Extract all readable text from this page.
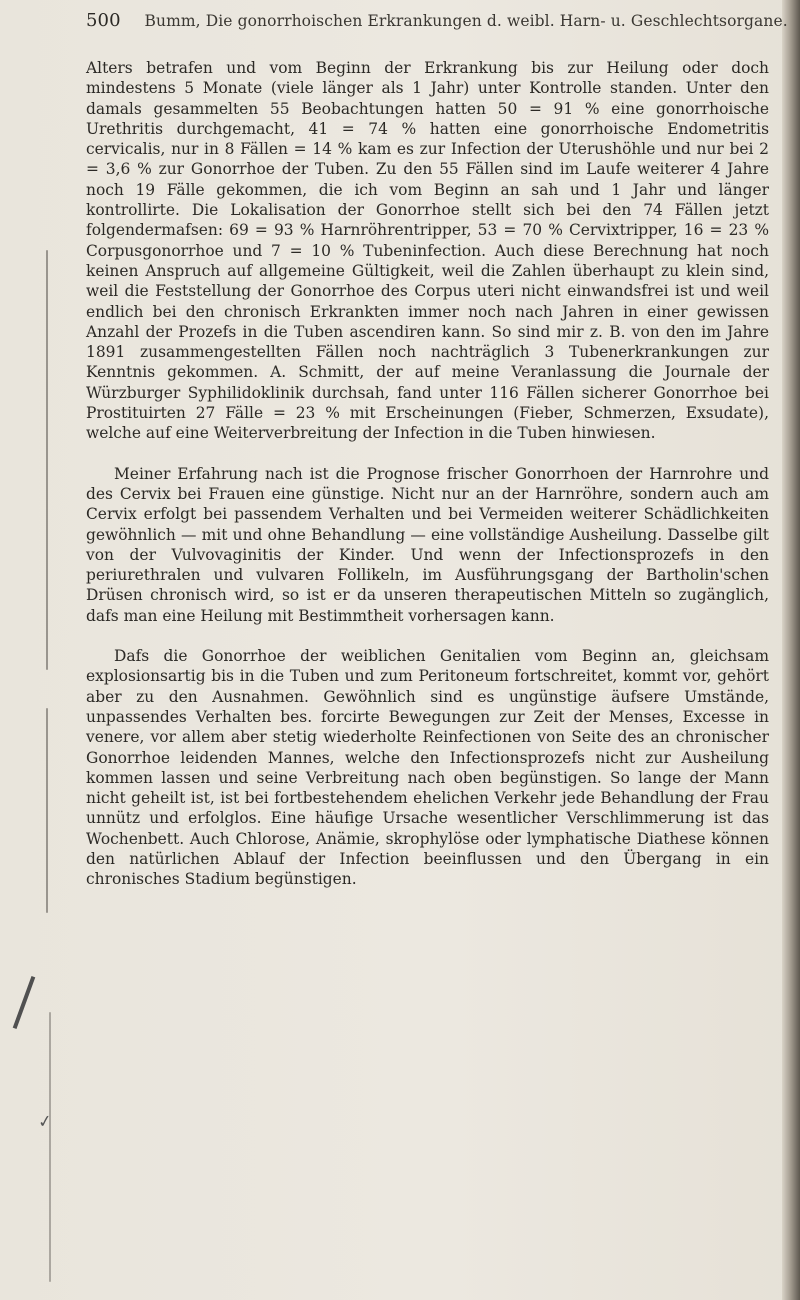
✓
500 Bumm, Die gonorrhoischen Erkrankungen d. weibl. Harn- u. Geschlechtsorgane.

Alters betrafen und vom Beginn der Erkrankung bis zur Heilung oder doch mindestens 5 Monate (viele länger als 1 Jahr) unter Kontrolle standen. Unter den damals gesammelten 55 Beobachtungen hatten 50 = 91 % eine gonorrhoische Urethritis durchgemacht, 41 = 74 % hatten eine gonorrhoische Endometritis cervicalis, nur in 8 Fällen = 14 % kam es zur Infection der Uterushöhle und nur bei 2 = 3,6 % zur Gonorrhoe der Tuben. Zu den 55 Fällen sind im Laufe weiterer 4 Jahre noch 19 Fälle gekommen, die ich vom Beginn an sah und 1 Jahr und länger kontrollirte. Die Lokalisation der Gonorrhoe stellt sich bei den 74 Fällen jetzt folgendermafsen: 69 = 93 % Harnröhrentripper, 53 = 70 % Cervixtripper, 16 = 23 % Corpusgonorrhoe und 7 = 10 % Tubeninfection. Auch diese Berechnung hat noch keinen Anspruch auf allgemeine Gültigkeit, weil die Zahlen überhaupt zu klein sind, weil die Feststellung der Gonorrhoe des Corpus uteri nicht einwandsfrei ist und weil endlich bei den chronisch Erkrankten immer noch nach Jahren in einer gewissen Anzahl der Prozefs in die Tuben ascendiren kann. So sind mir z. B. von den im Jahre 1891 zusammengestellten Fällen noch nachträglich 3 Tubenerkrankungen zur Kenntnis gekommen. A. Schmitt, der auf meine Veranlassung die Journale der Würzburger Syphilidoklinik durchsah, fand unter 116 Fällen sicherer Gonorrhoe bei Prostituirten 27 Fälle = 23 % mit Erscheinungen (Fieber, Schmerzen, Exsudate), welche auf eine Weiterverbreitung der Infection in die Tuben hinwiesen.

Meiner Erfahrung nach ist die Prognose frischer Gonorrhoen der Harnrohre und des Cervix bei Frauen eine günstige. Nicht nur an der Harnröhre, sondern auch am Cervix erfolgt bei passendem Verhalten und bei Vermeiden weiterer Schädlichkeiten gewöhnlich — mit und ohne Behandlung — eine vollständige Ausheilung. Dasselbe gilt von der Vulvovaginitis der Kinder. Und wenn der Infectionsprozefs in den periurethralen und vulvaren Follikeln, im Ausführungsgang der Bartholin'schen Drüsen chronisch wird, so ist er da unseren therapeutischen Mitteln so zugänglich, dafs man eine Heilung mit Bestimmtheit vorhersagen kann.

Dafs die Gonorrhoe der weiblichen Genitalien vom Beginn an, gleichsam explosionsartig bis in die Tuben und zum Peritoneum fortschreitet, kommt vor, gehört aber zu den Ausnahmen. Gewöhnlich sind es ungünstige äufsere Umstände, unpassendes Verhalten bes. forcirte Bewegungen zur Zeit der Menses, Excesse in venere, vor allem aber stetig wiederholte Reinfectionen von Seite des an chronischer Gonorrhoe leidenden Mannes, welche den Infectionsprozefs nicht zur Ausheilung kommen lassen und seine Verbreitung nach oben begünstigen. So lange der Mann nicht geheilt ist, ist bei fortbestehendem ehelichen Verkehr jede Behandlung der Frau unnütz und erfolglos. Eine häufige Ursache wesentlicher Verschlimmerung ist das Wochenbett. Auch Chlorose, Anämie, skrophylöse oder lymphatische Diathese können den natürlichen Ablauf der Infection beeinflussen und den Übergang in ein chronisches Stadium begünstigen.
